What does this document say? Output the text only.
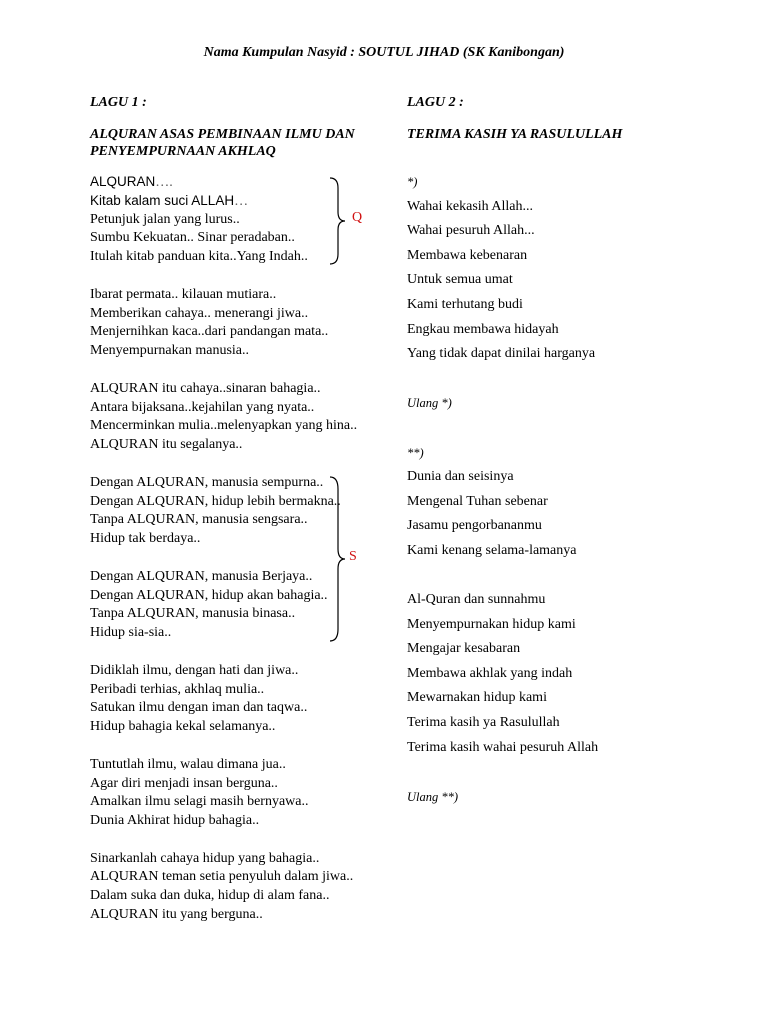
Nama Kumpulan Nasyid : SOUTUL JIHAD (SK Kanibongan)
LAGU 1 :
ALQURAN ASAS PEMBINAAN ILMU DAN
PENYEMPURNAAN AKHLAQ
ALQURAN….
Kitab kalam suci ALLAH…
Petunjuk jalan yang lurus..
Sumbu Kekuatan.. Sinar peradaban..
Itulah kitab panduan kita..Yang Indah..
Ibarat permata.. kilauan mutiara..
Memberikan cahaya.. menerangi jiwa..
Menjernihkan kaca..dari pandangan mata..
Menyempurnakan manusia..
ALQURAN itu cahaya..sinaran bahagia..
Antara bijaksana..kejahilan yang nyata..
Mencerminkan mulia..melenyapkan yang hina..
ALQURAN itu segalanya..
Dengan ALQURAN, manusia sempurna..
Dengan ALQURAN, hidup lebih bermakna..
Tanpa ALQURAN, manusia sengsara..
Hidup tak berdaya..
Dengan ALQURAN, manusia Berjaya..
Dengan ALQURAN, hidup akan bahagia..
Tanpa ALQURAN, manusia binasa..
Hidup sia-sia..
Didiklah ilmu, dengan hati dan jiwa..
Peribadi terhias, akhlaq mulia..
Satukan ilmu dengan iman dan taqwa..
Hidup bahagia kekal selamanya..
Tuntutlah ilmu, walau dimana jua..
Agar diri menjadi insan berguna..
Amalkan ilmu selagi masih bernyawa..
Dunia Akhirat hidup bahagia..
Sinarkanlah cahaya hidup yang bahagia..
ALQURAN teman setia penyuluh dalam jiwa..
Dalam suka dan duka, hidup di alam fana..
ALQURAN itu yang berguna..
Q
S
LAGU 2 :
TERIMA KASIH YA RASULULLAH
*)
Wahai kekasih Allah...
Wahai pesuruh Allah...
Membawa kebenaran
Untuk semua umat
Kami terhutang budi
Engkau membawa hidayah
Yang tidak dapat dinilai harganya
Ulang *)
**)
Dunia dan seisinya
Mengenal Tuhan sebenar
Jasamu pengorbananmu
Kami kenang selama-lamanya
Al-Quran dan sunnahmu
Menyempurnakan hidup kami
Mengajar kesabaran
Membawa akhlak yang indah
Mewarnakan hidup kami
Terima kasih ya Rasulullah
Terima kasih wahai pesuruh Allah
Ulang **)
